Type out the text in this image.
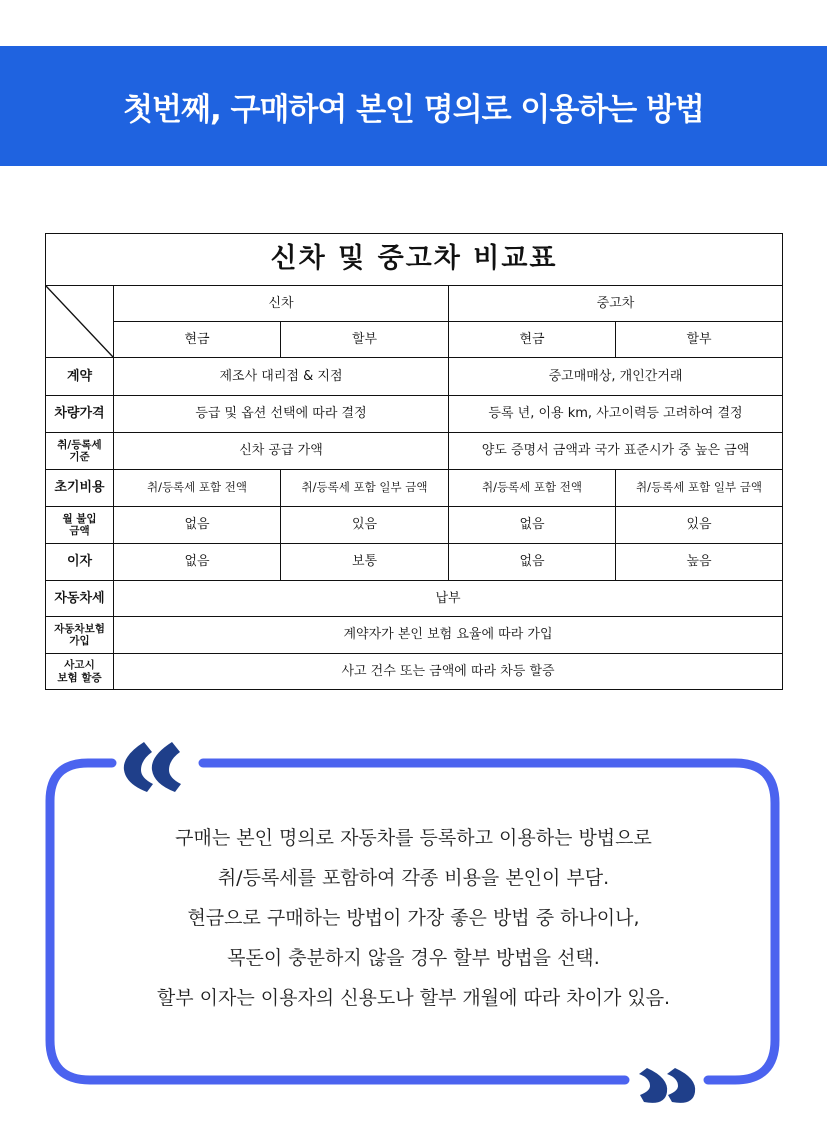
첫번째, 구매하여 본인 명의로 이용하는 방법
신차 및 중고차 비교표				

	신차		중고차	
	현금	할부	현금	할부
계약	제조사 대리점 & 지점		중고매매상, 개인간거래	
차량가격	등급 및 옵션 선택에 따라 결정		등록 년, 이용 km, 사고이력등 고려하여 결정	

취/등록세
기준	신차 공급 가액		양도 증명서 금액과 국가 표준시가 중 높은 금액	
초기비용	취/등록세 포함 전액	취/등록세 포함 일부 금액	취/등록세 포함 전액	취/등록세 포함 일부 금액

월 불입
금액	없음	있음	없음	있음
이자	없음	보통	없음	높음
자동차세	납부			

자동차보험
가입	계약자가 본인 보험 요율에 따라 가입			

사고시
보험 할증	사고 건수 또는 금액에 따라 차등 할증			
구매는 본인 명의로 자동차를 등록하고 이용하는 방법으로
취/등록세를 포함하여 각종 비용을 본인이 부담.
현금으로 구매하는 방법이 가장 좋은 방법 중 하나이나,
목돈이 충분하지 않을 경우 할부 방법을 선택.
할부 이자는 이용자의 신용도나 할부 개월에 따라 차이가 있음.
